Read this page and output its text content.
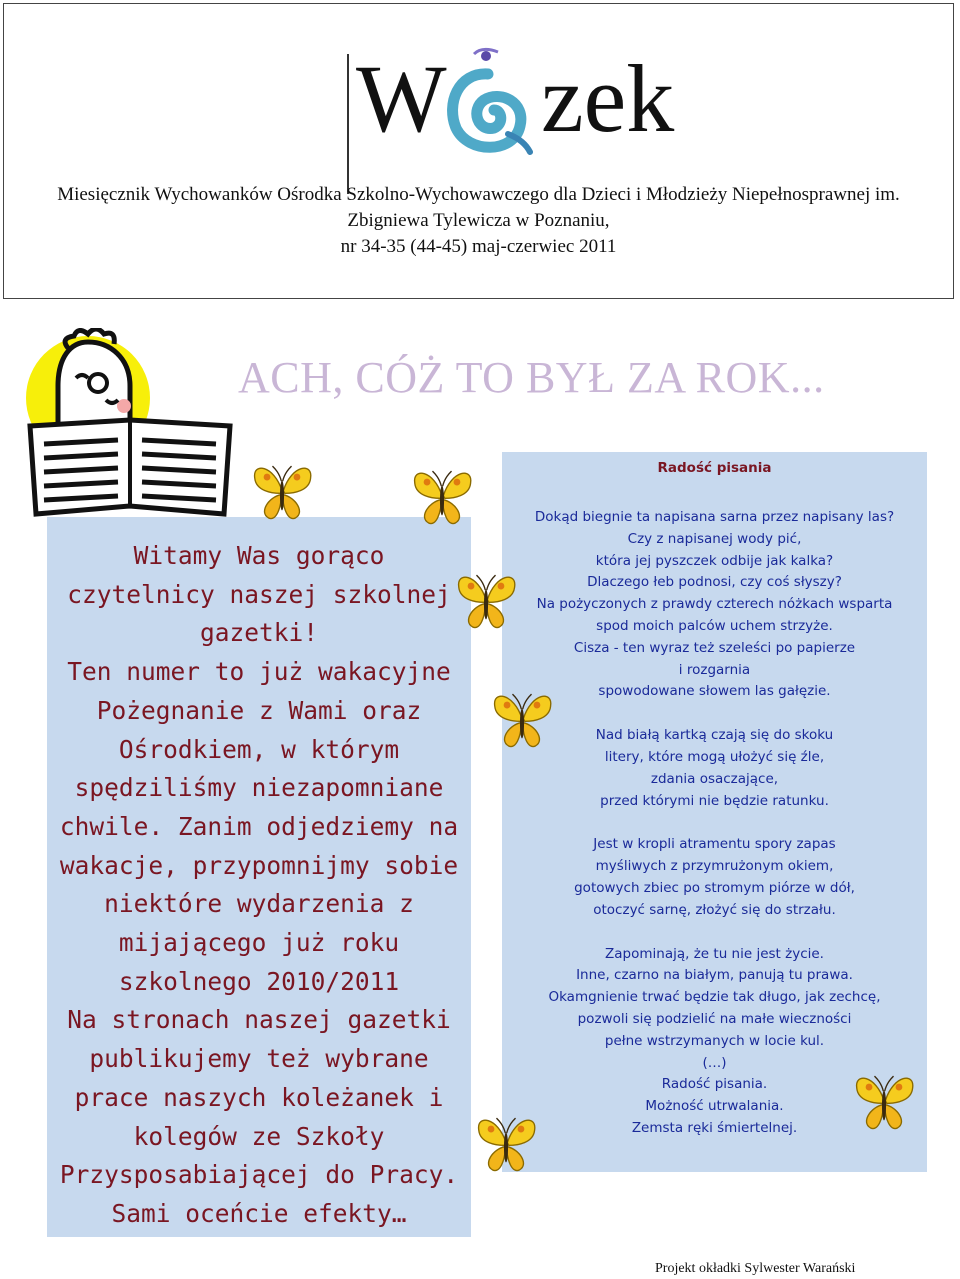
W zek
Miesięcznik Wychowanków Ośrodka Szkolno-Wychowawczego dla Dzieci i Młodzieży Niepełnosprawnej im.
Zbigniewa Tylewicza w Poznaniu,
nr 34-35 (44-45) maj-czerwiec 2011
ACH, CÓŻ TO BYŁ ZA ROK...
Witamy Was gorąco
czytelnicy naszej szkolnej
gazetki!
Ten numer to już wakacyjne
Pożegnanie z Wami oraz
Ośrodkiem, w którym
spędziliśmy niezapomniane
chwile. Zanim odjedziemy na
wakacje, przypomnijmy sobie
niektóre wydarzenia z
mijającego już roku
szkolnego 2010/2011
Na stronach naszej gazetki
publikujemy też wybrane
prace naszych koleżanek i
kolegów ze Szkoły
Przysposabiającej do Pracy.
Sami oceńcie efekty…
Radość pisania
Dokąd biegnie ta napisana sarna przez napisany las?
Czy z napisanej wody pić,
która jej pyszczek odbije jak kalka?
Dlaczego łeb podnosi, czy coś słyszy?
Na pożyczonych z prawdy czterech nóżkach wsparta
spod moich palców uchem strzyże.
Cisza - ten wyraz też szeleści po papierze
i rozgarnia
spowodowane słowem las gałęzie.
Nad białą kartką czają się do skoku
litery, które mogą ułożyć się źle,
zdania osaczające,
przed którymi nie będzie ratunku.
Jest w kropli atramentu spory zapas
myśliwych z przymrużonym okiem,
gotowych zbiec po stromym piórze w dół,
otoczyć sarnę, złożyć się do strzału.
Zapominają, że tu nie jest życie.
Inne, czarno na białym, panują tu prawa.
Okamgnienie trwać będzie tak długo, jak zechcę,
pozwoli się podzielić na małe wieczności
pełne wstrzymanych w locie kul.
(…)
Radość pisania.
Możność utrwalania.
Zemsta ręki śmiertelnej.
Projekt okładki Sylwester Warański
